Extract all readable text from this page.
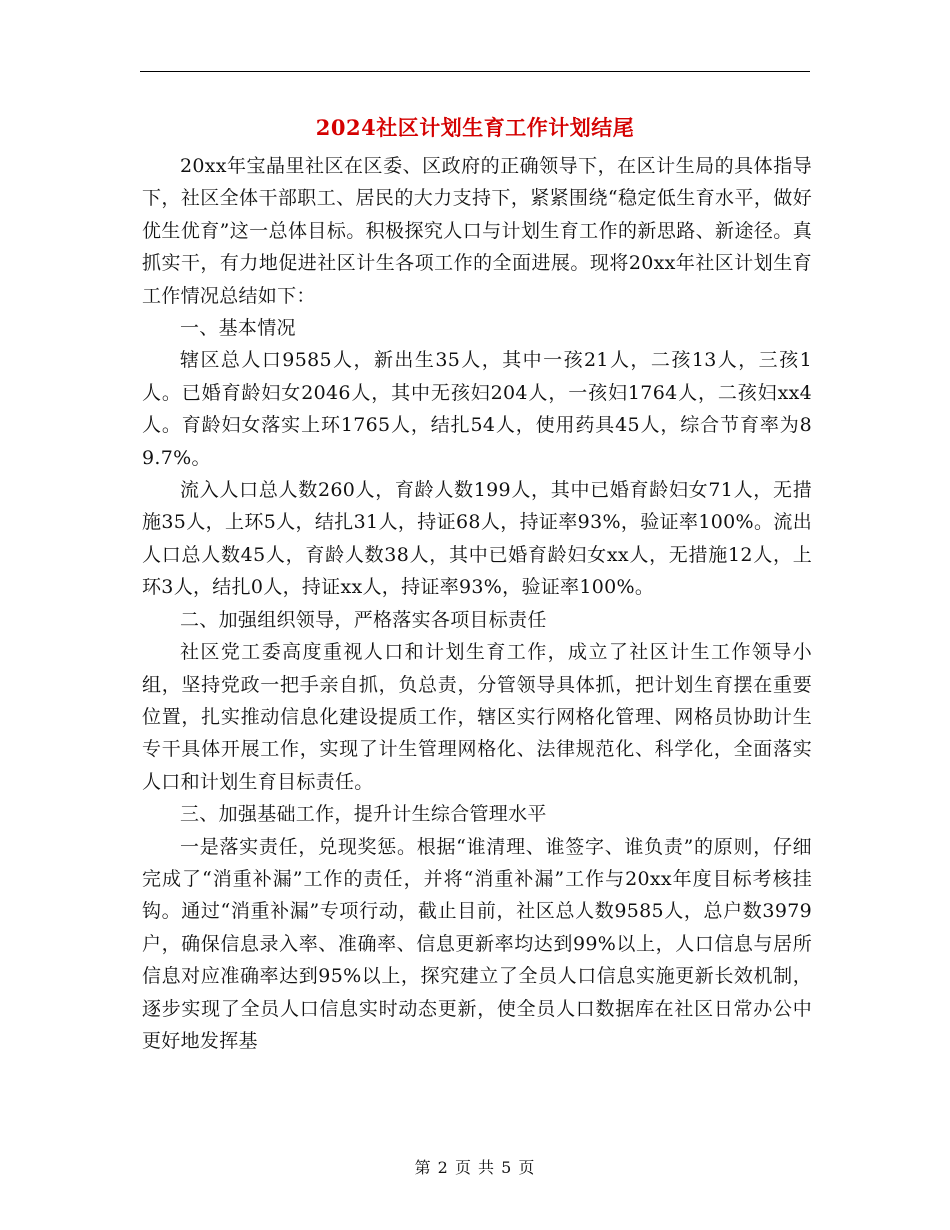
2024社区计划生育工作计划结尾

20xx年宝晶里社区在区委、区政府的正确领导下，在区计生局的具体指导下，社区全体干部职工、居民的大力支持下，紧紧围绕“稳定低生育水平，做好优生优育”这一总体目标。积极探究人口与计划生育工作的新思路、新途径。真抓实干，有力地促进社区计生各项工作的全面进展。现将20xx年社区计划生育工作情况总结如下：

一、基本情况

辖区总人口9585人，新出生35人，其中一孩21人，二孩13人，三孩1人。已婚育龄妇女2046人，其中无孩妇204人，一孩妇1764人，二孩妇xx4人。育龄妇女落实上环1765人，结扎54人，使用药具45人，综合节育率为89.7%。

流入人口总人数260人，育龄人数199人，其中已婚育龄妇女71人，无措施35人，上环5人，结扎31人，持证68人，持证率93%，验证率100%。流出人口总人数45人，育龄人数38人，其中已婚育龄妇女xx人，无措施12人，上环3人，结扎0人，持证xx人，持证率93%，验证率100%。

二、加强组织领导，严格落实各项目标责任

社区党工委高度重视人口和计划生育工作，成立了社区计生工作领导小组，坚持党政一把手亲自抓，负总责，分管领导具体抓，把计划生育摆在重要位置，扎实推动信息化建设提质工作，辖区实行网格化管理、网格员协助计生专干具体开展工作，实现了计生管理网格化、法律规范化、科学化，全面落实人口和计划生育目标责任。

三、加强基础工作，提升计生综合管理水平

一是落实责任，兑现奖惩。根据“谁清理、谁签字、谁负责”的原则，仔细完成了“消重补漏”工作的责任，并将“消重补漏”工作与20xx年度目标考核挂钩。通过“消重补漏”专项行动，截止目前，社区总人数9585人，总户数3979户，确保信息录入率、准确率、信息更新率均达到99%以上，人口信息与居所信息对应准确率达到95%以上，探究建立了全员人口信息实施更新长效机制，逐步实现了全员人口信息实时动态更新，使全员人口数据库在社区日常办公中更好地发挥基

第 2 页 共 5 页
